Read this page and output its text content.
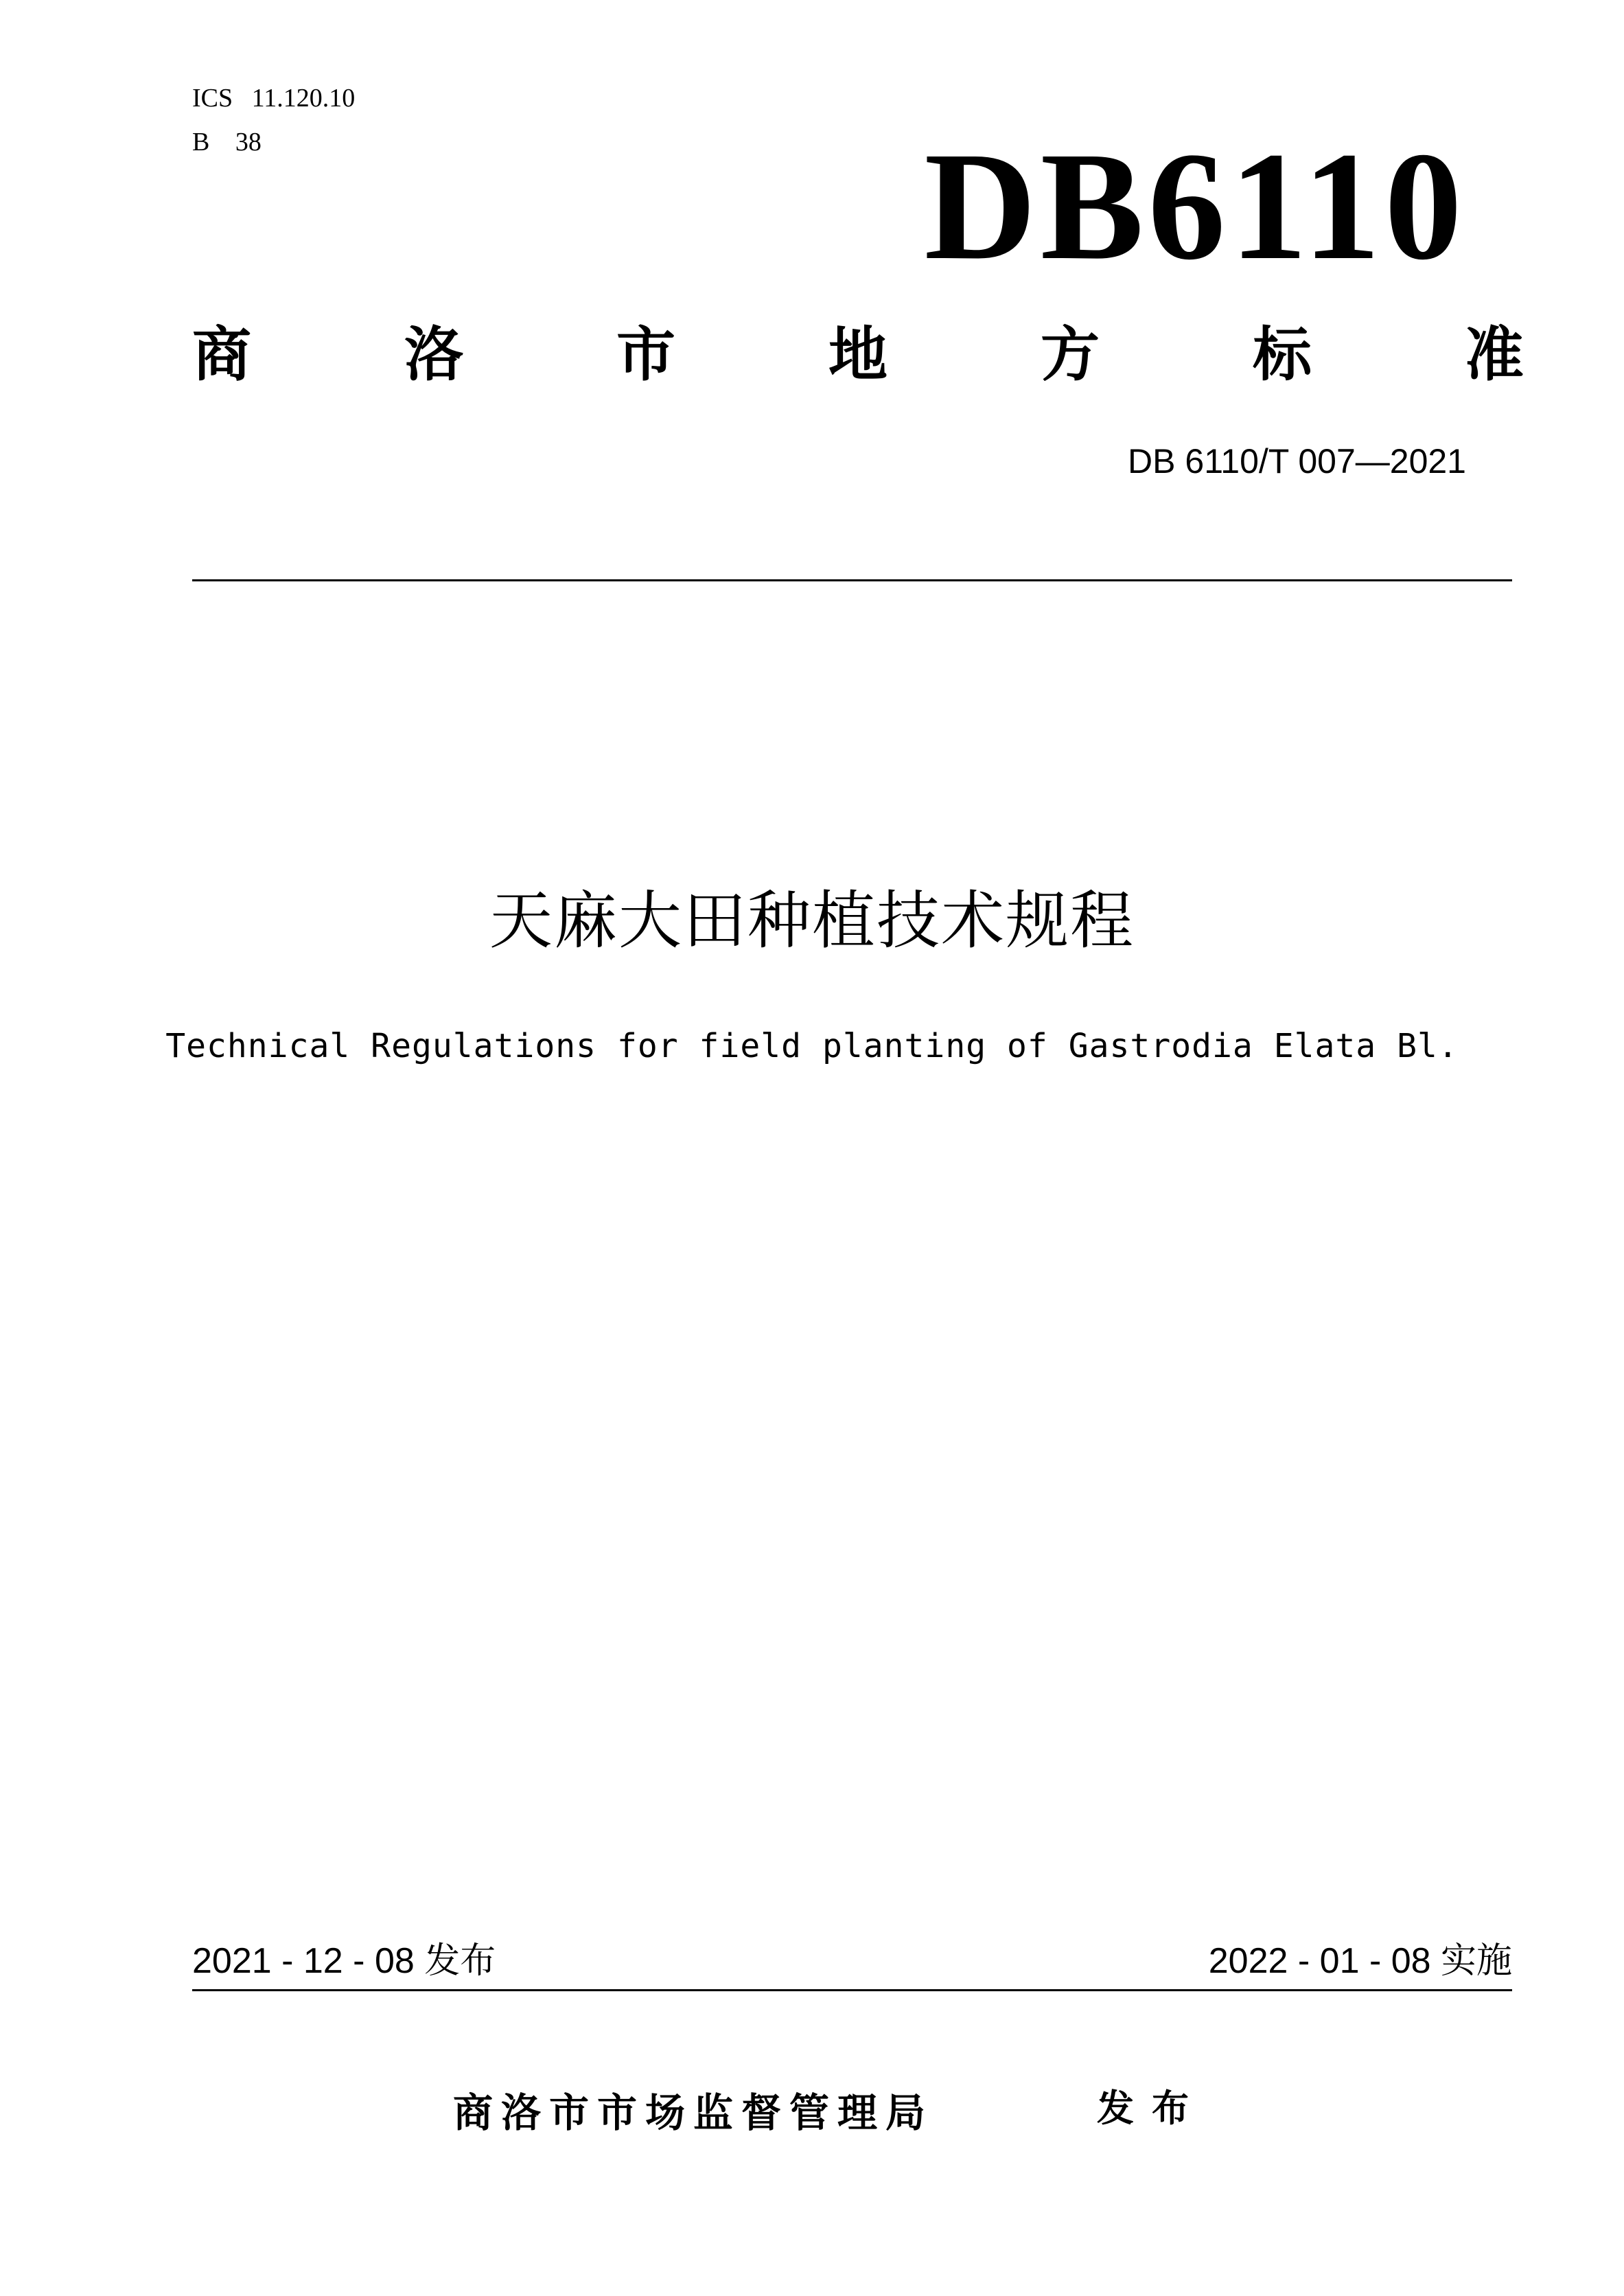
ICS 11.120.10
B 38	DB6110
商	洛	市	地	方	标	准
DB 6110/T 007—2021
天麻大田种植技术规程
Technical Regulations for field planting of Gastrodia Elata Bl.
2021 - 12 - 08 发布	2022 - 01 - 08 实施
商洛市市场监督管理局	发布
